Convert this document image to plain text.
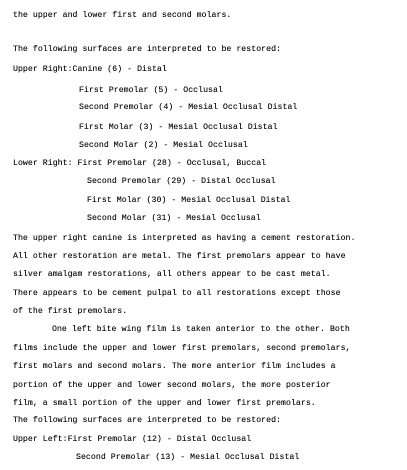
the upper and lower first and second molars.
The following surfaces are interpreted to be restored:
Upper Right:Canine (6) - Distal
First Premolar (5) - Occlusal
Second Premolar (4) - Mesial Occlusal Distal
First Molar (3) - Mesial Occlusal Distal
Second Molar (2) - Mesial Occlusal
Lower Right: First Premolar (28) - Occlusal, Buccal
Second Premolar (29) - Distal Occlusal
First Molar (30) - Mesial Occlusal Distal
Second Molar (31) - Mesial Occlusal
The upper right canine is interpreted as having a cement restoration.
All other restoration are metal. The first premolars appear to have
silver amalgam restorations, all others appear to be cast metal.
There appears to be cement pulpal to all restorations except those
of the first premolars.
One left bite wing film is taken anterior to the other. Both
films include the upper and lower first premolars, second premolars,
first molars and second molars. The more anterior film includes a
portion of the upper and lower second molars, the more posterior
film, a small portion of the upper and lower first premolars.
The following surfaces are interpreted to be restored:
Upper Left:First Premolar (12) - Distal Occlusal
Second Premolar (13) - Mesial Occlusal Distal
